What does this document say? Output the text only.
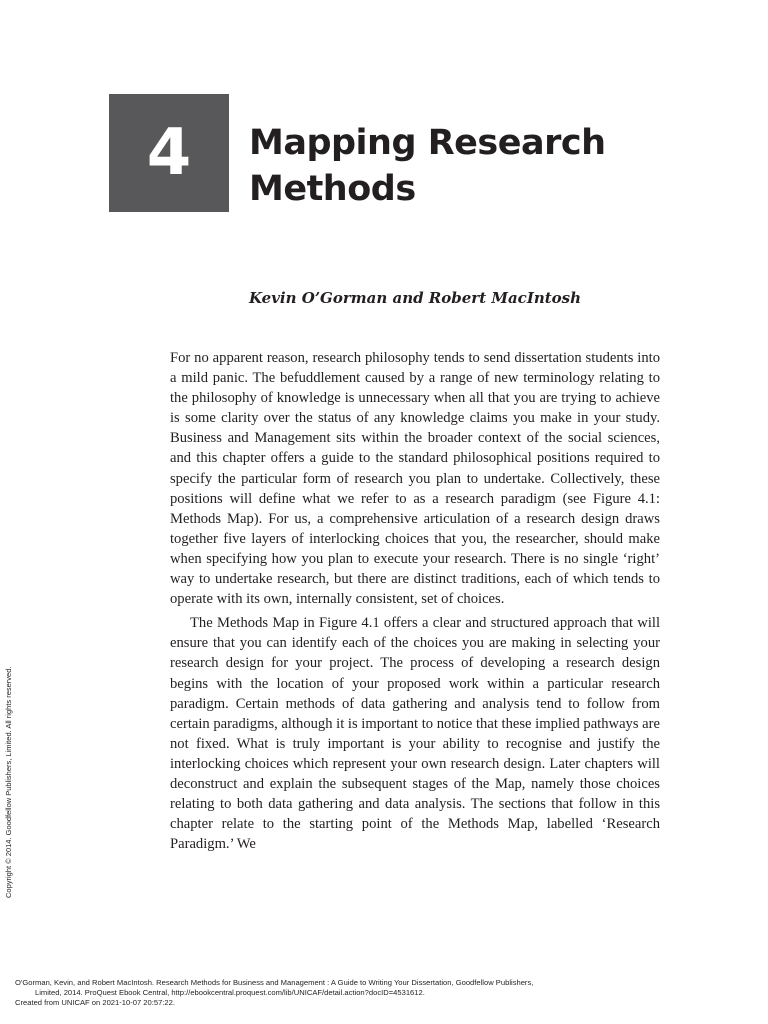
4 Mapping Research
Methods
Kevin O’Gorman and Robert MacIntosh

For no apparent reason, research philosophy tends to send dissertation students into a mild panic. The befuddlement caused by a range of new terminology relating to the philosophy of knowledge is unnecessary when all that you are trying to achieve is some clarity over the status of any knowledge claims you make in your study. Business and Management sits within the broader context of the social sciences, and this chapter offers a guide to the standard philosophical positions required to specify the particular form of research you plan to undertake. Collectively, these positions will define what we refer to as a research paradigm (see Figure 4.1: Methods Map). For us, a comprehensive articulation of a research design draws together five layers of interlocking choices that you, the researcher, should make when specifying how you plan to execute your research. There is no single ‘right’ way to undertake research, but there are distinct traditions, each of which tends to operate with its own, internally consistent, set of choices.

The Methods Map in Figure 4.1 offers a clear and structured approach that will ensure that you can identify each of the choices you are making in selecting your research design for your project. The process of developing a research design begins with the location of your proposed work within a particular research paradigm. Certain methods of data gathering and analysis tend to follow from certain paradigms, although it is important to notice that these implied pathways are not fixed. What is truly important is your ability to recognise and justify the interlocking choices which represent your own research design. Later chapters will deconstruct and explain the subsequent stages of the Map, namely those choices relating to both data gathering and data analysis. The sections that follow in this chapter relate to the starting point of the Methods Map, labelled ‘Research Paradigm.’ We

Copyright © 2014. Goodfellow Publishers, Limited. All rights reserved.
O'Gorman, Kevin, and Robert MacIntosh. Research Methods for Business and Management : A Guide to Writing Your Dissertation, Goodfellow Publishers,
Limited, 2014. ProQuest Ebook Central, http://ebookcentral.proquest.com/lib/UNICAF/detail.action?docID=4531612.
Created from UNICAF on 2021-10-07 20:57:22.
